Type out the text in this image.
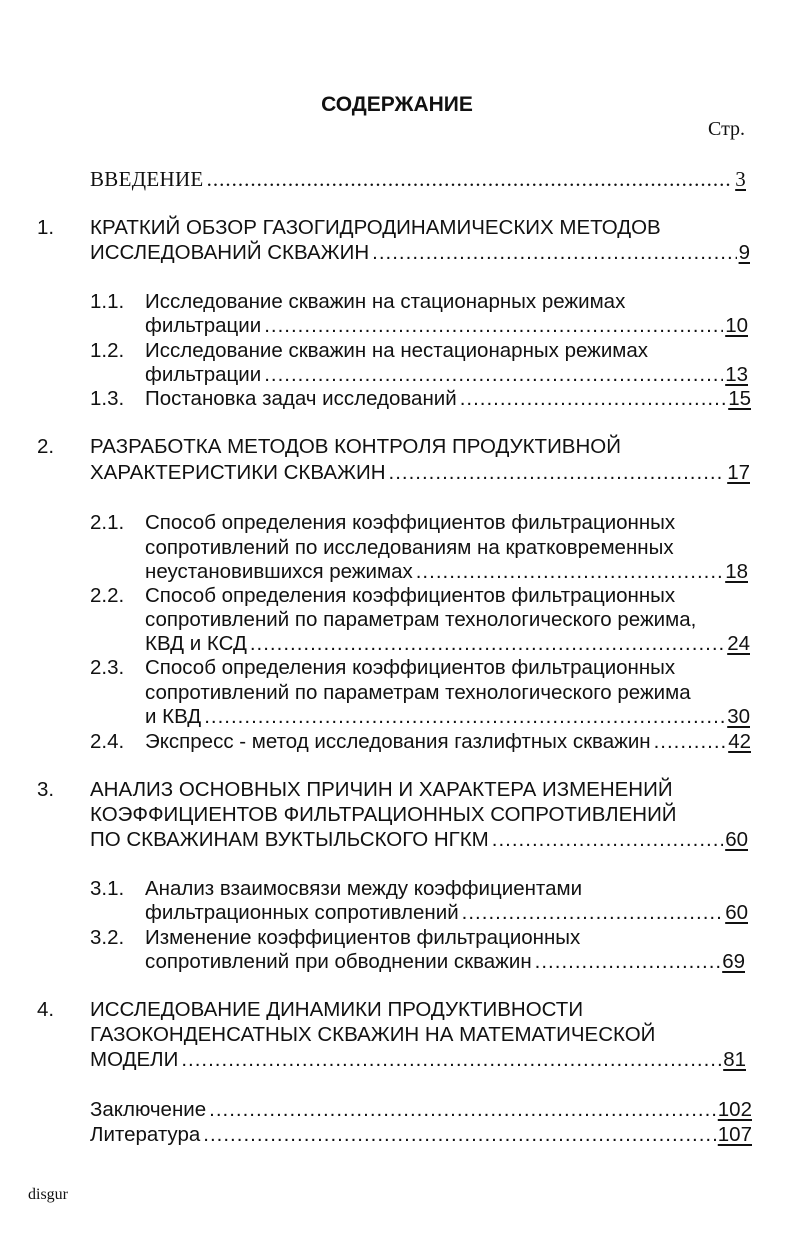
СОДЕРЖАНИЕ
Стр.
ВВЕДЕНИЕ .....	3
1. КРАТКИЙ ОБЗОР ГАЗОГИДРОДИНАМИЧЕСКИХ МЕТОДОВ
ИССЛЕДОВАНИЙ СКВАЖИН .....	9
1.1. Исследование скважин на стационарных режимах
фильтрации .....	10
1.2. Исследование скважин на нестационарных режимах
фильтрации .....	13
1.3. Постановка задач исследований .....	15
2. РАЗРАБОТКА МЕТОДОВ КОНТРОЛЯ ПРОДУКТИВНОЙ
ХАРАКТЕРИСТИКИ СКВАЖИН .....	17
2.1. Способ определения коэффициентов фильтрационных
сопротивлений по исследованиям на кратковременных
неустановившихся режимах .....	18
2.2. Способ определения коэффициентов фильтрационных
сопротивлений по параметрам технологического режима,
КВД и КСД .....	24
2.3. Способ определения коэффициентов фильтрационных
сопротивлений по параметрам технологического режима
и КВД .....	30
2.4. Экспресс - метод исследования газлифтных скважин .....	42
3. АНАЛИЗ ОСНОВНЫХ ПРИЧИН И ХАРАКТЕРА ИЗМЕНЕНИЙ
КОЭФФИЦИЕНТОВ ФИЛЬТРАЦИОННЫХ СОПРОТИВЛЕНИЙ
ПО СКВАЖИНАМ ВУКТЫЛЬСКОГО НГКМ .....	60
3.1. Анализ взаимосвязи между коэффициентами
фильтрационных сопротивлений .....	60
3.2. Изменение коэффициентов фильтрационных
сопротивлений при обводнении скважин .....	69
4. ИССЛЕДОВАНИЕ ДИНАМИКИ ПРОДУКТИВНОСТИ
ГАЗОКОНДЕНСАТНЫХ СКВАЖИН НА МАТЕМАТИЧЕСКОЙ
МОДЕЛИ .....	81
Заключение .....	102
Литература .....	107
disgur
